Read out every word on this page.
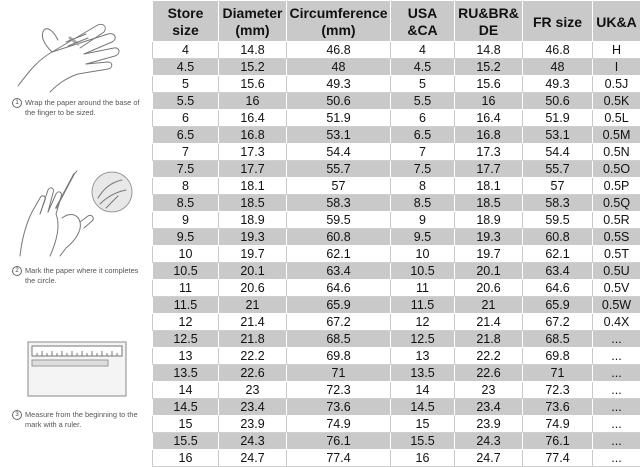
1 Wrap the paper around the base of the finger to be sized.
2 Mark the paper where it completes the circle.
3 Measure from the beginning to the mark with a ruler.
Store size	Diameter (mm)	Circumference (mm)	USA &CA	RU&BR& DE	FR size	UK&A
4	14.8	46.8	4	14.8	46.8	H
4.5	15.2	48	4.5	15.2	48	I
5	15.6	49.3	5	15.6	49.3	0.5J
5.5	16	50.6	5.5	16	50.6	0.5K
6	16.4	51.9	6	16.4	51.9	0.5L
6.5	16.8	53.1	6.5	16.8	53.1	0.5M
7	17.3	54.4	7	17.3	54.4	0.5N
7.5	17.7	55.7	7.5	17.7	55.7	0.5O
8	18.1	57	8	18.1	57	0.5P
8.5	18.5	58.3	8.5	18.5	58.3	0.5Q
9	18.9	59.5	9	18.9	59.5	0.5R
9.5	19.3	60.8	9.5	19.3	60.8	0.5S
10	19.7	62.1	10	19.7	62.1	0.5T
10.5	20.1	63.4	10.5	20.1	63.4	0.5U
11	20.6	64.6	11	20.6	64.6	0.5V
11.5	21	65.9	11.5	21	65.9	0.5W
12	21.4	67.2	12	21.4	67.2	0.4X
12.5	21.8	68.5	12.5	21.8	68.5	...
13	22.2	69.8	13	22.2	69.8	...
13.5	22.6	71	13.5	22.6	71	...
14	23	72.3	14	23	72.3	...
14.5	23.4	73.6	14.5	23.4	73.6	...
15	23.9	74.9	15	23.9	74.9	...
15.5	24.3	76.1	15.5	24.3	76.1	...
16	24.7	77.4	16	24.7	77.4	...
